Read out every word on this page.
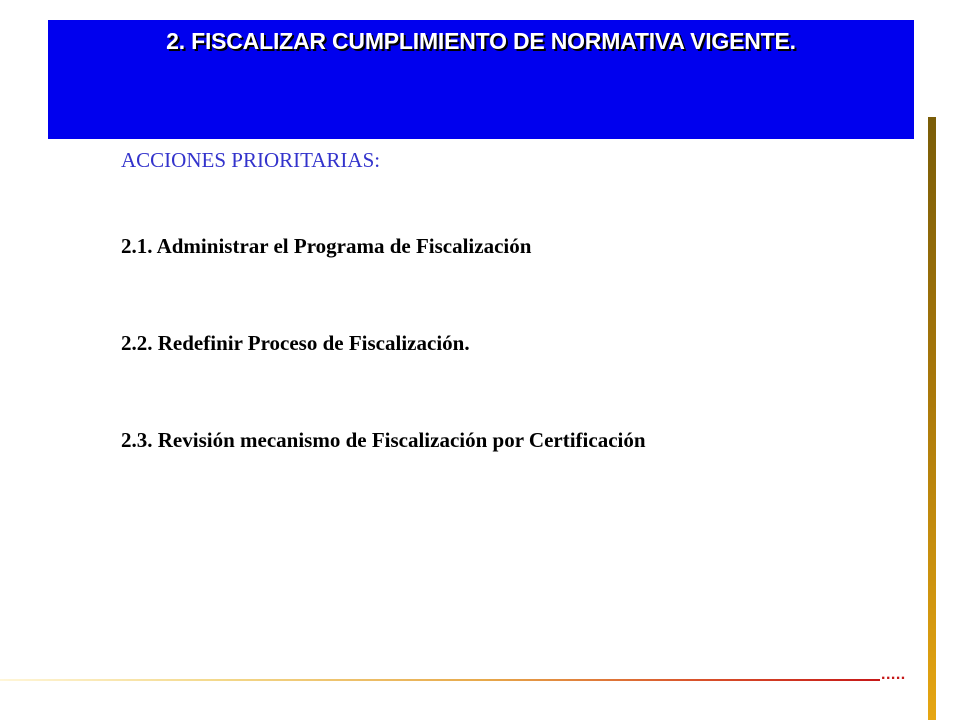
2. FISCALIZAR CUMPLIMIENTO DE NORMATIVA VIGENTE.
ACCIONES PRIORITARIAS:

2.1. Administrar el Programa de Fiscalización

2.2. Redefinir Proceso de Fiscalización.

2.3. Revisión mecanismo de Fiscalización por Certificación

.....
